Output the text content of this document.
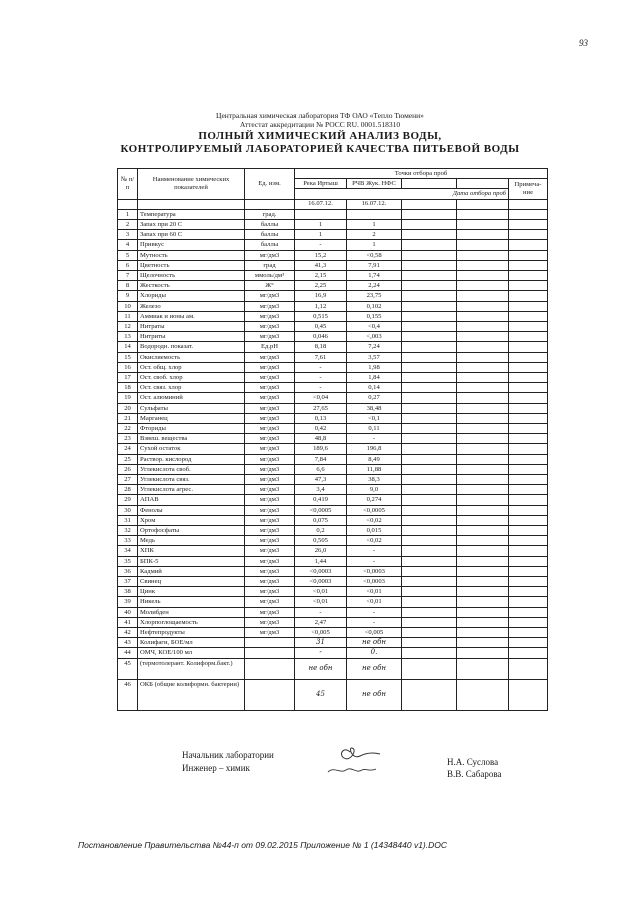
93
Центральная химическая лаборатория ТФ ОАО «Тепло Тюмени»
Аттестат аккредитации № РОСС RU. 0001.518310
ПОЛНЫЙ ХИМИЧЕСКИЙ АНАЛИЗ ВОДЫ,
КОНТРОЛИРУЕМЫЙ ЛАБОРАТОРИЕЙ КАЧЕСТВА ПИТЬЕВОЙ ВОДЫ
№ п/п	Наименование химических показателей	Ед. изм.	Точки отбора проб				
			Река Иртыш	РЧВ Жук. НФС			Примеча- ние
			Дата отбора проб				
			16.07.12.	16.07.12.			
1	Температура	град.					
2	Запах при 20 С	баллы	1	1			
3	Запах при 60 С	баллы	1	2			
4	Привкус	баллы	-	1			
5	Мутность	мг/дм3	15,2	<0,58			
6	Цветность	град	41,3	7,91			
7	Щелочность	ммоль/дм³	2,15	1,74			
8	Жесткость	Ж°	2,25	2,24			
9	Хлориды	мг/дм3	16,9	23,75			
10	Железо	мг/дм3	1,12	0,102			
11	Аммиак и ионы ам.	мг/дм3	0,515	0,155			
12	Нитраты	мг/дм3	0,45	<0,4			
13	Нитриты	мг/дм3	0,046	<,003			
14	Водородн. показат.	Ед.рН	8,18	7,24			
15	Окисляемость	мг/дм3	7,61	3,57			
16	Ост. общ. хлор	мг/дм3	-	1,98			
17	Ост. своб. хлор	мг/дм3	-	1,84			
18	Ост. связ. хлор	мг/дм3	-	0,14			
19	Ост. алюминий	мг/дм3	<0,04	0,27			
20	Сульфаты	мг/дм3	27,65	38,48			
21	Марганец	мг/дм3	0,13	<0,1			
22	Фториды	мг/дм3	0,42	0,11			
23	Взвеш. вещества	мг/дм3	48,8	-			
24	Сухой остаток	мг/дм3	189,6	196,8			
25	Раствор. кислород	мг/дм3	7,84	8,49			
26	Углекислота своб.	мг/дм3	6,6	11,88			
27	Углекислота связ.	мг/дм3	47,3	38,3			
28	Углекислота агрес.	мг/дм3	3,4	9,0			
29	АПАВ	мг/дм3	0,419	0,274			
30	Фенолы	мг/дм3	<0,0005	<0,0005			
31	Хром	мг/дм3	0,075	<0,02			
32	Ортофосфаты	мг/дм3	0,2	0,015			
33	Медь	мг/дм3	0,505	<0,02			
34	ХПК	мг/дм3	26,0	-			
35	БПК-5	мг/дм3	1,44	-			
36	Кадмий	мг/дм3	<0,0003	<0,0003			
37	Свинец	мг/дм3	<0,0003	<0,0003			
38	Цинк	мг/дм3	<0,01	<0,01			
39	Никель	мг/дм3	<0,01	<0,01			
40	Молибден	мг/дм3	-	-			
41	Хлорпоглощаемость	мг/дм3	2,47	-			
42	Нефтепродукты	мг/дм3	<0,005	<0,005			
43	Колифаги, БОЕ/мл		31	не обн			
44	ОМЧ, КОЕ/100 мл		-	0.			
45	(термотолерант. Колиформ.бакт.)		не обн	не обн			
46	ОКБ (общие колиформн. бактерии)		45	не обн			
Начальник лаборатории
Инженер – химик
Н.А. Суслова
В.В. Сабарова
Постановление Правительства №44-п от 09.02.2015 Приложение № 1 (14348440 v1).DOC
